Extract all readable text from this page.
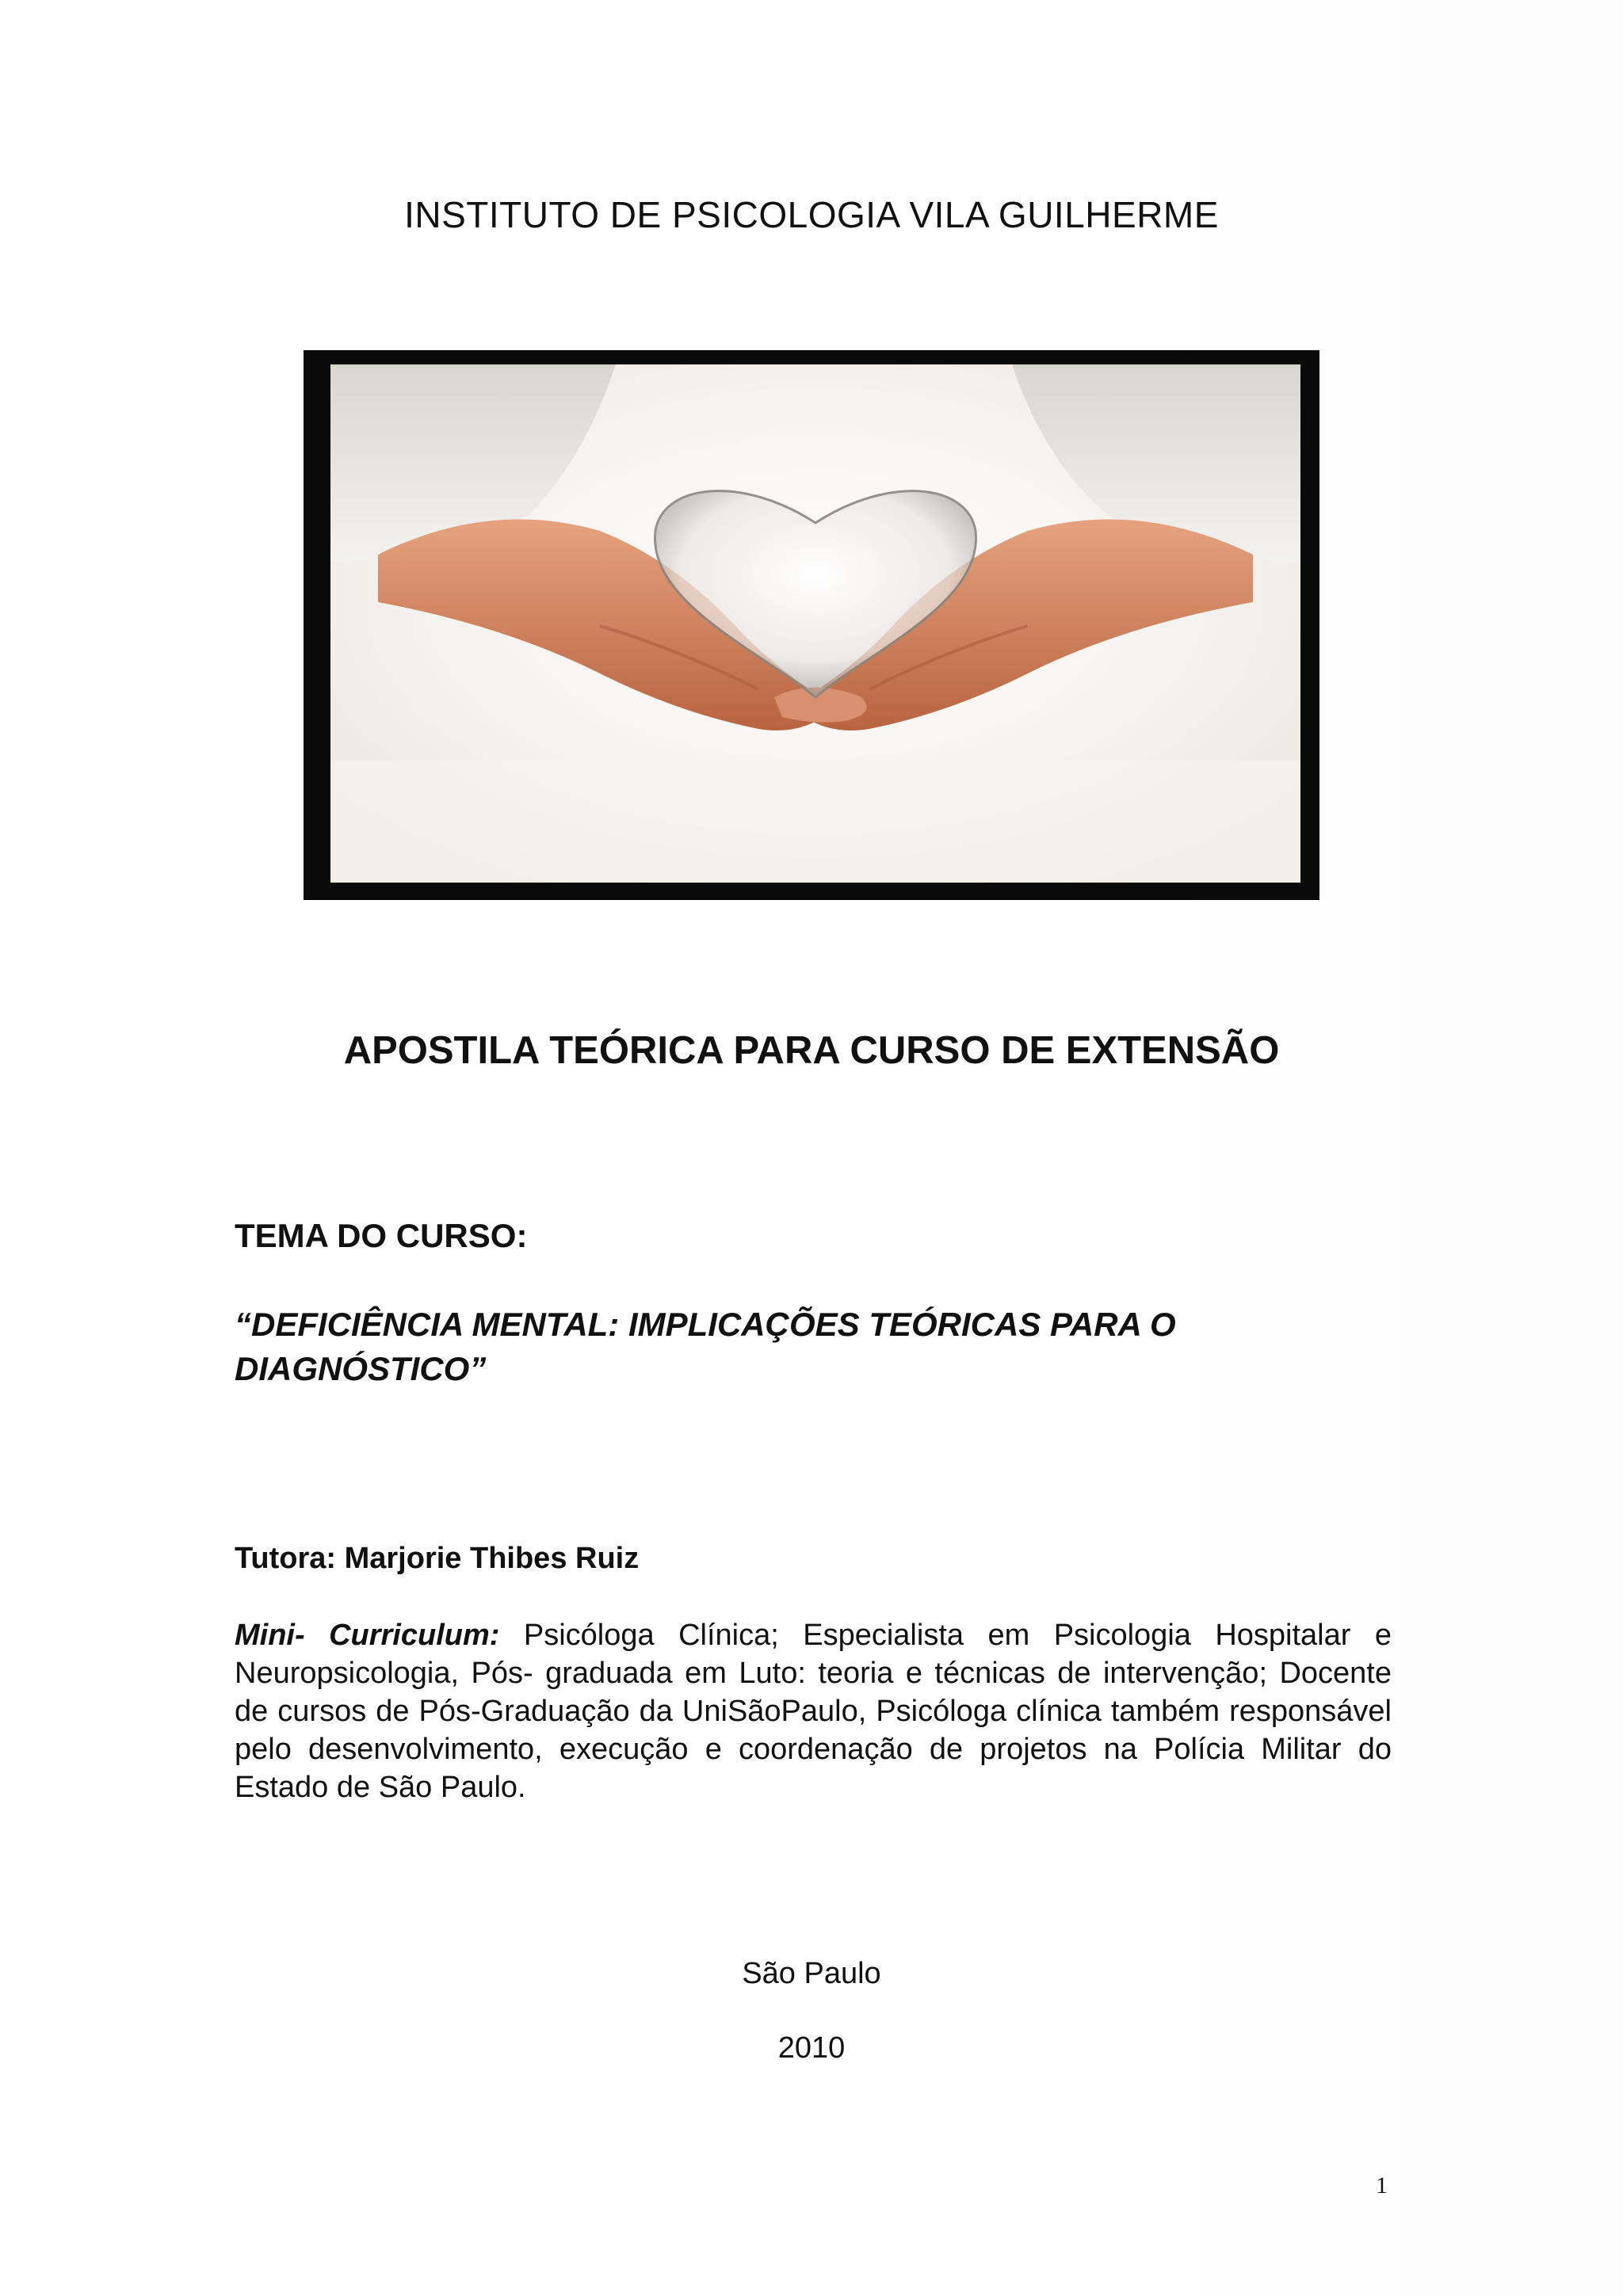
INSTITUTO DE PSICOLOGIA VILA GUILHERME

APOSTILA TEÓRICA PARA CURSO DE EXTENSÃO

TEMA DO CURSO:

“DEFICIÊNCIA MENTAL: IMPLICAÇÕES TEÓRICAS PARA O DIAGNÓSTICO”

Tutora: Marjorie Thibes Ruiz

Mini- Curriculum: Psicóloga Clínica; Especialista em Psicologia Hospitalar e Neuropsicologia, Pós- graduada em Luto: teoria e técnicas de intervenção; Docente de cursos de Pós-Graduação da UniSãoPaulo, Psicóloga clínica também responsável pelo desenvolvimento, execução e coordenação de projetos na Polícia Militar do Estado de São Paulo.

São Paulo

2010

1
